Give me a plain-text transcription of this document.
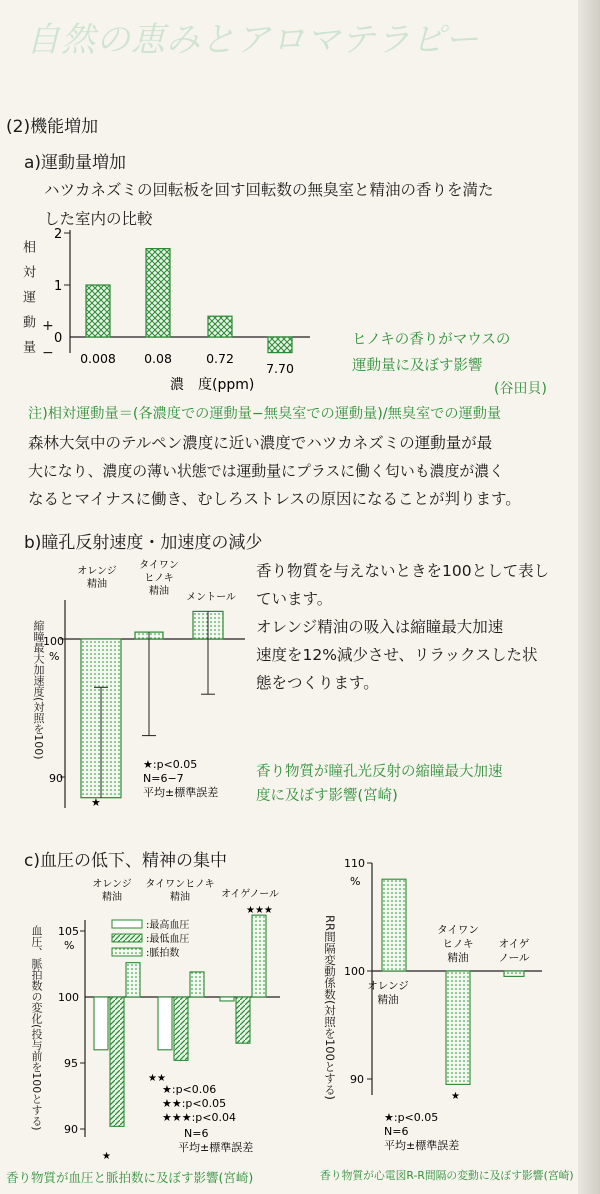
自然の恵みとアロマテラピー
(2)機能増加
a)運動量増加
ハツカネズミの回転板を回す回転数の無臭室と精油の香りを満た
した室内の比較
相対運動量 +
−
2
1
0
0.008 0.08	0.72
7.70
濃　度(ppm)
ヒノキの香りがマウスの
運動量に及ぼす影響
(谷田貝)
注)相対運動量＝(各濃度での運動量−無臭室での運動量)/無臭室での運動量
森林大気中のテルペン濃度に近い濃度でハツカネズミの運動量が最
大になり、濃度の薄い状態では運動量にプラスに働く匂いも濃度が濃く
なるとマイナスに働き、むしろストレスの原因になることが判ります。
b)瞳孔反射速度・加速度の減少
オレンジ
精油
タイワン
ヒノキ
精油
メントール
100
%
90
★
★:p<0.05
N=6−7
平均±標準誤差
縮瞳最大加速度(対照を100)
香り物質を与えないときを100として表し
ています。
オレンジ精油の吸入は縮瞳最大加速
速度を12%減少させ、リラックスした状
態をつくります。
香り物質が瞳孔光反射の縮瞳最大加速
度に及ぼす影響(宮崎)
c)血圧の低下、精神の集中
血圧、脈拍数の変化(投与前を100とする)
オレンジ
精油
タイワンヒノキ
精油	オイゲノール
:最高血圧
:最低血圧
:脈拍数
105
%
100
95
90
★
★★
★★★
★:p<0.06
★★:p<0.05
★★★:p<0.04
N=6
平均±標準誤差
RR間隔変動係数(対照を100とする)
110
%
100
90
オレンジ
精油
タイワン
ヒノキ
精油
オイゲ
ノール
★
★:p<0.05
N=6
平均±標準誤差
香り物質が血圧と脈拍数に及ぼす影響(宮崎)	香り物質が心電図R-R間隔の変動に及ぼす影響(宮崎)
